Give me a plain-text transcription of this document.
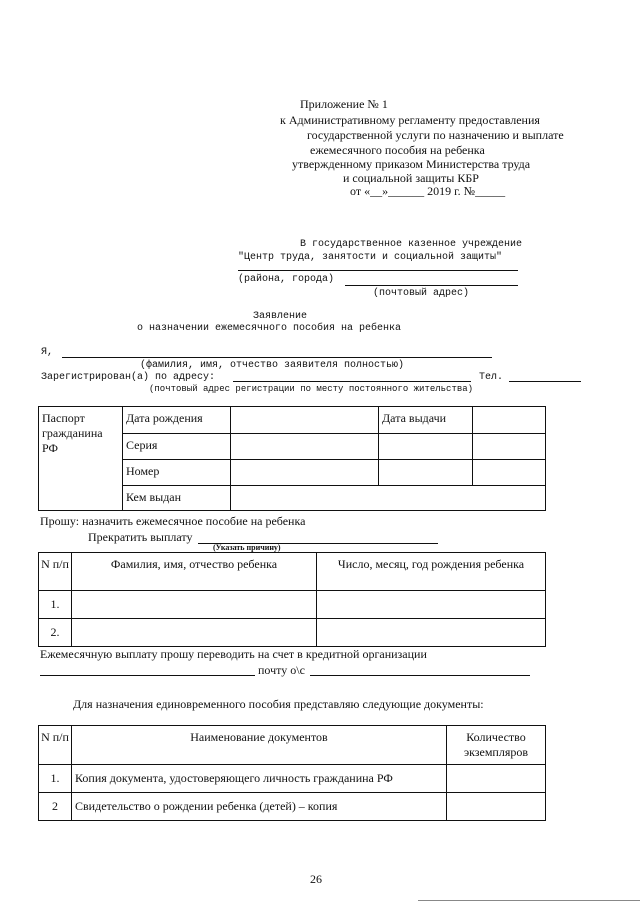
Приложение № 1
к Административному регламенту предоставления
государственной услуги по назначению и выплате
ежемесячного пособия на ребенка
утвержденному приказом Министерства труда
и социальной защиты КБР
от «__»______ 2019 г. №_____
В государственное казенное учреждение
"Центр труда, занятости и социальной защиты"
(района, города)
(почтовый адрес)
Заявление
о назначении ежемесячного пособия на ребенка
Я,
(фамилия, имя, отчество заявителя полностью)
Зарегистрирован(а) по адресу:	Тел.
(почтовый адрес регистрации по месту постоянного жительства)
Паспорт гражданина РФ	Дата рождения		Дата выдачи	
	Серия			
	Номер			
	Кем выдан			
Прошу: назначить ежемесячное пособие на ребенка
Прекратить выплату
(Указать причину)
N п/п	Фамилия, имя, отчество ребенка	Число, месяц, год рождения ребенка
1.		
2.		
Ежемесячную выплату прошу переводить на счет в кредитной организации
почту о\с
Для назначения единовременного пособия представляю следующие документы:
N п/п	Наименование документов	Количество экземпляров
1.	Копия документа, удостоверяющего личность гражданина РФ	
2	Свидетельство о рождении ребенка (детей) – копия	
26
